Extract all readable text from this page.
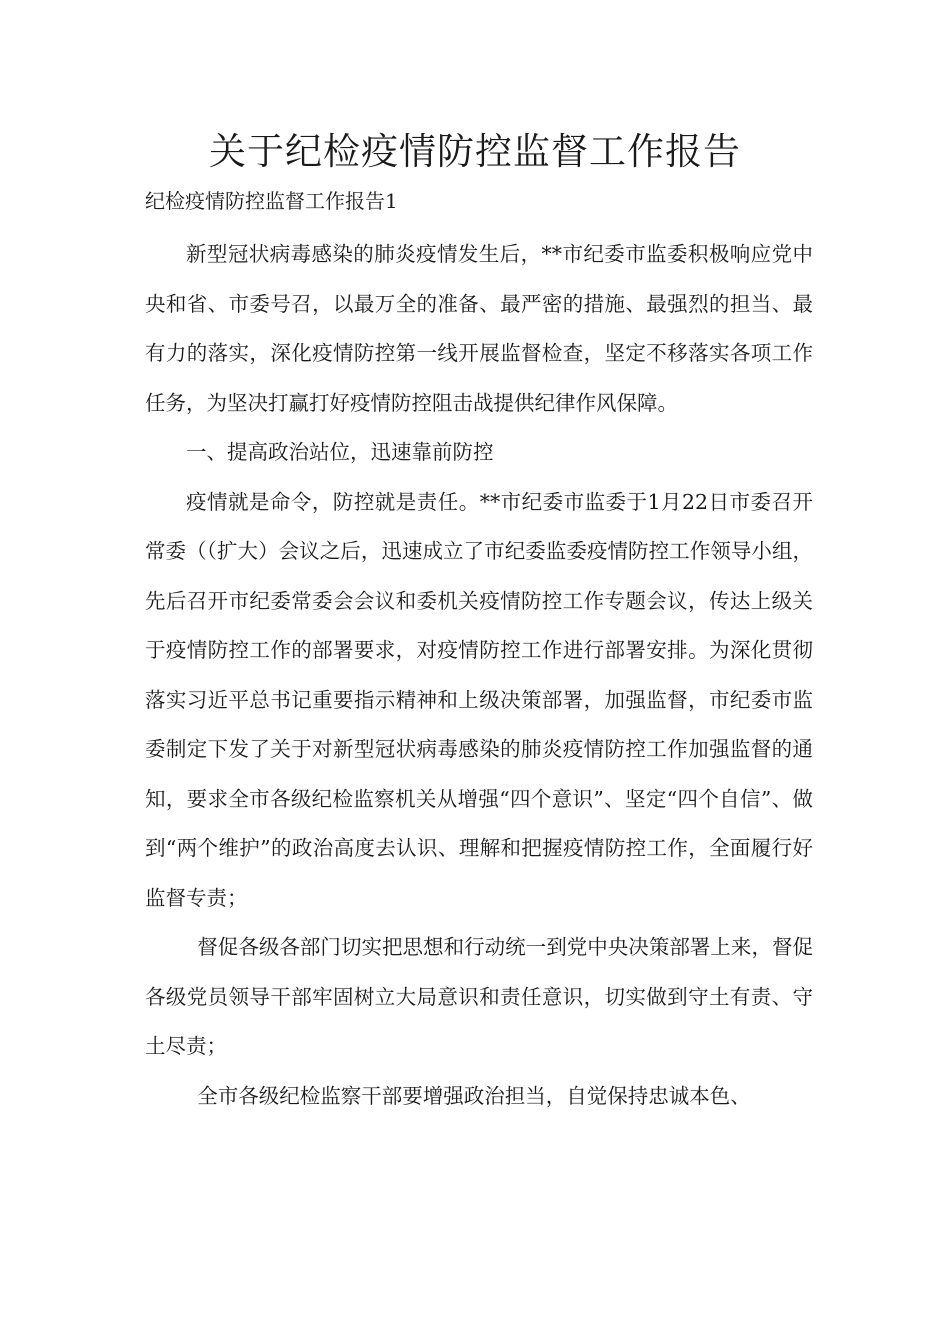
关于纪检疫情防控监督工作报告

纪检疫情防控监督工作报告1

新型冠状病毒感染的肺炎疫情发生后，**市纪委市监委积极响应党中央和省、市委号召，以最万全的准备、最严密的措施、最强烈的担当、最有力的落实，深化疫情防控第一线开展监督检查，坚定不移落实各项工作任务，为坚决打赢打好疫情防控阻击战提供纪律作风保障。

一、提高政治站位，迅速靠前防控

疫情就是命令，防控就是责任。**市纪委市监委于1月22日市委召开常委（（扩大）会议之后，迅速成立了市纪委监委疫情防控工作领导小组，先后召开市纪委常委会会议和委机关疫情防控工作专题会议，传达上级关于疫情防控工作的部署要求，对疫情防控工作进行部署安排。为深化贯彻落实习近平总书记重要指示精神和上级决策部署，加强监督，市纪委市监委制定下发了关于对新型冠状病毒感染的肺炎疫情防控工作加强监督的通知，要求全市各级纪检监察机关从增强“四个意识”、坚定“四个自信”、做到“两个维护”的政治高度去认识、理解和把握疫情防控工作，全面履行好监督专责；

督促各级各部门切实把思想和行动统一到党中央决策部署上来，督促各级党员领导干部牢固树立大局意识和责任意识，切实做到守土有责、守土尽责；

全市各级纪检监察干部要增强政治担当，自觉保持忠诚本色、
